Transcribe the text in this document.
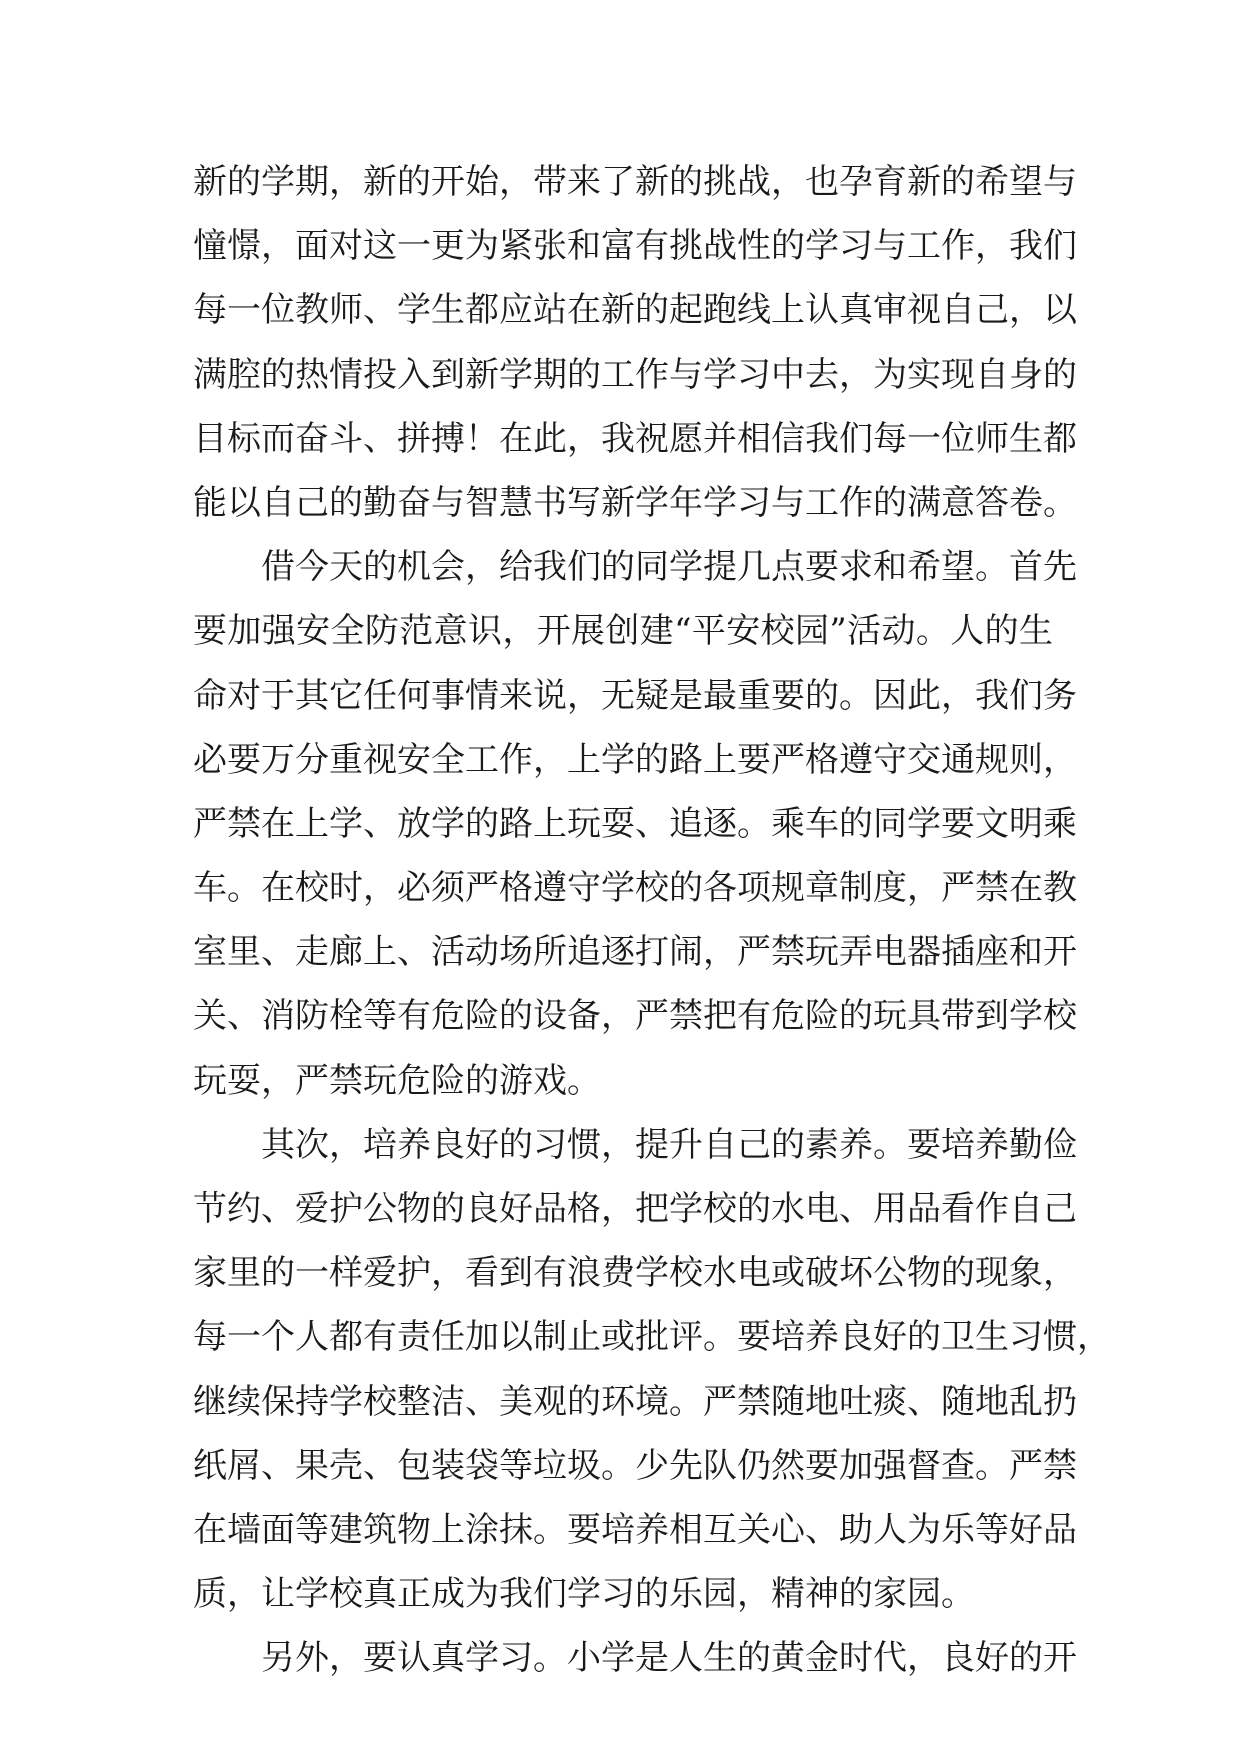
新的学期，新的开始，带来了新的挑战，也孕育新的希望与
憧憬，面对这一更为紧张和富有挑战性的学习与工作，我们
每一位教师、学生都应站在新的起跑线上认真审视自己，以
满腔的热情投入到新学期的工作与学习中去，为实现自身的
目标而奋斗、拼搏！在此，我祝愿并相信我们每一位师生都
能以自己的勤奋与智慧书写新学年学习与工作的满意答卷。
借今天的机会，给我们的同学提几点要求和希望。首先
要加强安全防范意识，开展创建“平安校园”活动。人的生
命对于其它任何事情来说，无疑是最重要的。因此，我们务
必要万分重视安全工作，上学的路上要严格遵守交通规则，
严禁在上学、放学的路上玩耍、追逐。乘车的同学要文明乘
车。在校时，必须严格遵守学校的各项规章制度，严禁在教
室里、走廊上、活动场所追逐打闹，严禁玩弄电器插座和开
关、消防栓等有危险的设备，严禁把有危险的玩具带到学校
玩耍，严禁玩危险的游戏。
其次，培养良好的习惯，提升自己的素养。要培养勤俭
节约、爱护公物的良好品格，把学校的水电、用品看作自己
家里的一样爱护，看到有浪费学校水电或破坏公物的现象，
每一个人都有责任加以制止或批评。要培养良好的卫生习惯，
继续保持学校整洁、美观的环境。严禁随地吐痰、随地乱扔
纸屑、果壳、包装袋等垃圾。少先队仍然要加强督查。严禁
在墙面等建筑物上涂抹。要培养相互关心、助人为乐等好品
质，让学校真正成为我们学习的乐园，精神的家园。
另外，要认真学习。小学是人生的黄金时代，良好的开
